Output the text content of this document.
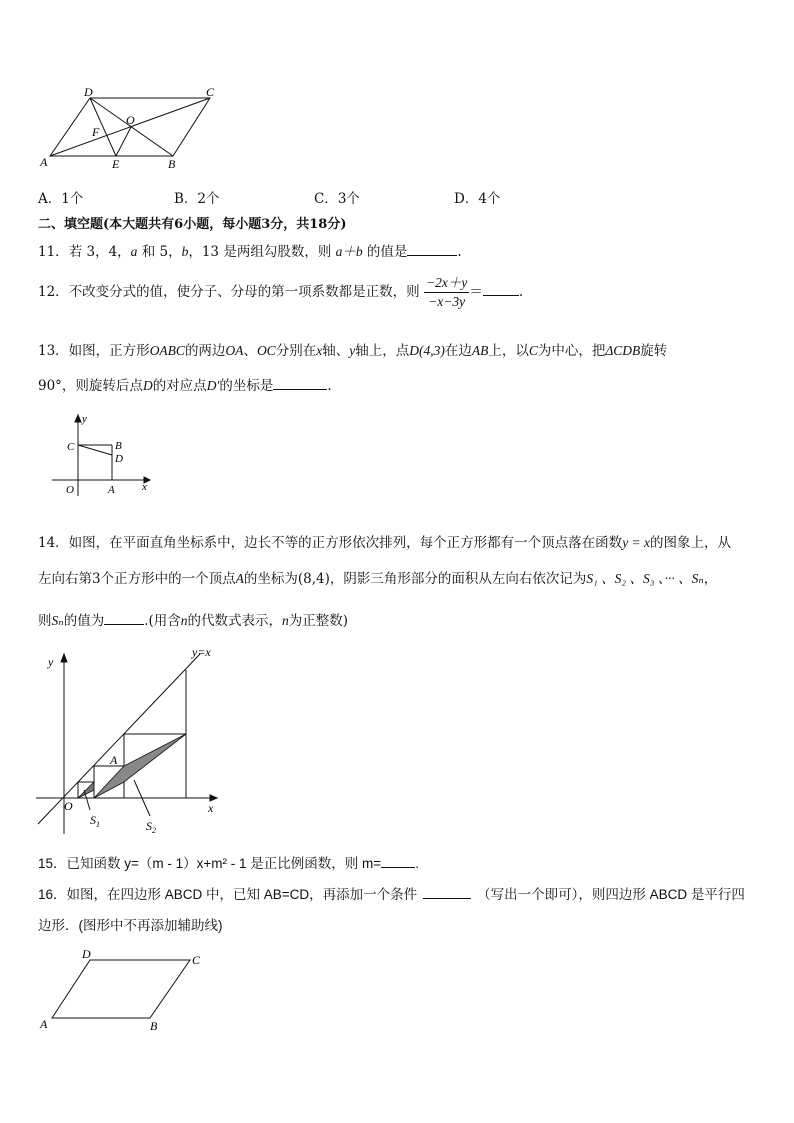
D	C
O
F
A	E	B
A．1个	B．2个	C．3个	D．4个
二、填空题(本大题共有6小题，每小题3分，共18分)
11．若 3，4，a 和 5，b，13 是两组勾股数，则 a＋b 的值是	.
12．不改变分式的值，使分子、分母的第一项系数都是正数，则 $\frac{-2x+y}{-x-3y}$ ＝	.
13．如图，正方形OABC的两边OA、OC分别在x轴、y轴上，点D(4,3)在边AB上，以C为中心，把ΔCDB旋转
90°，则旋转后点D的对应点D′的坐标是	.
y
x
C	B
D
O	A
14．如图，在平面直角坐标系中，边长不等的正方形依次排列，每个正方形都有一个顶点落在函数y = x的图象上，从
左向右第3个正方形中的一个顶点A的坐标为(8,4)，阴影三角形部分的面积从左向右依次记为S₁ 、S₂ 、S₃ 、··· 、Sₙ，
则Sₙ的值为	.(用含n的代数式表示，n为正整数)
y
y=x
x
O
A
$S_1$	$S_2$
15．已知函数 y=（m - 1）x+m² - 1 是正比例函数，则 m=	.
16．如图，在四边形 ABCD 中，已知 AB=CD，再添加一个条件	（写出一个即可），则四边形 ABCD 是平行四
边形．(图形中不再添加辅助线)
D	C
A	B
